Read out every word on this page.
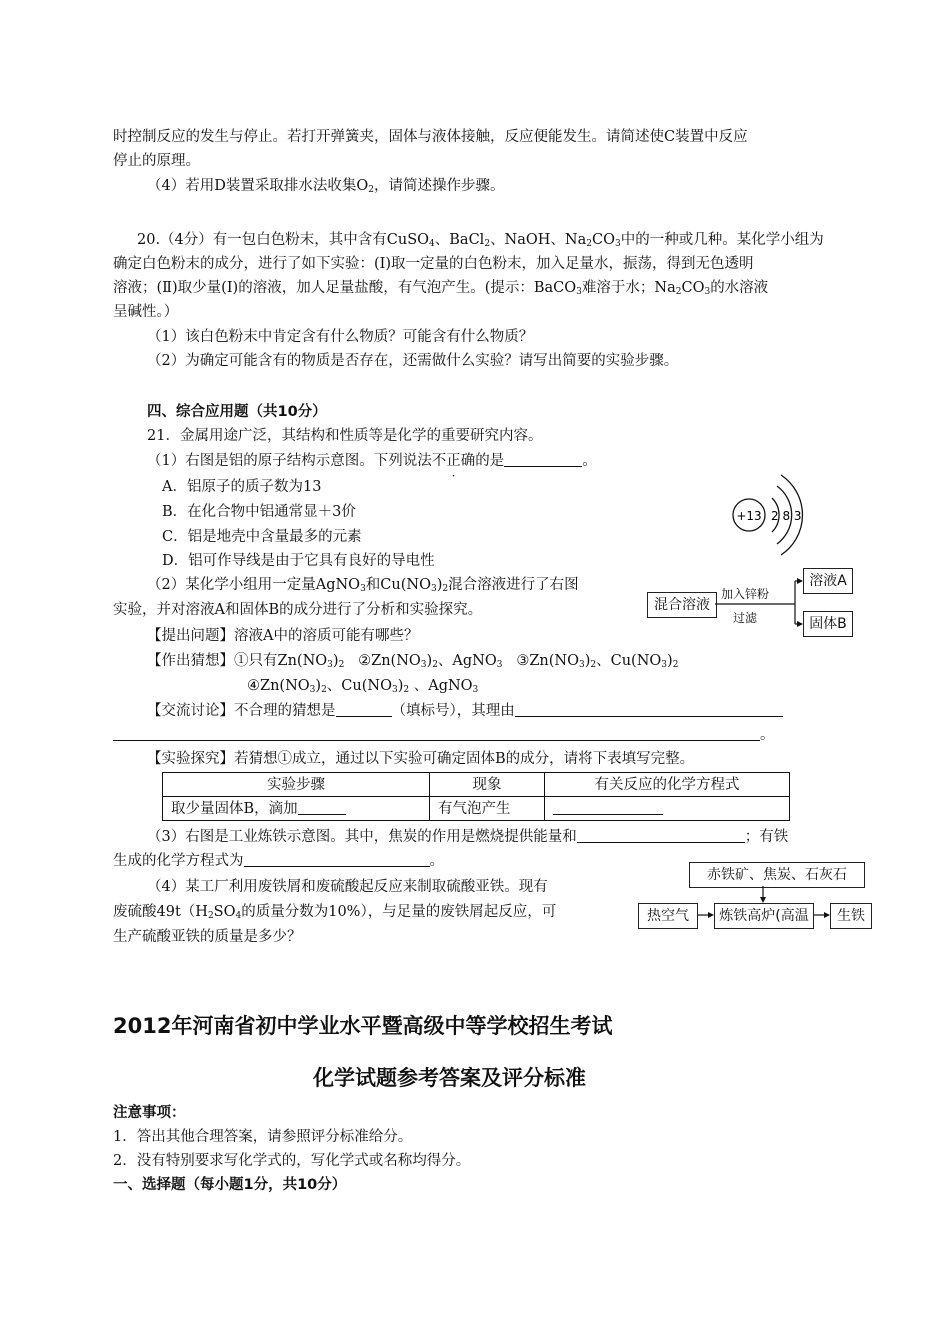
时控制反应的发生与停止。若打开弹簧夹，固体与液体接触，反应便能发生。请简述使C装置中反应
停止的原理。
（4）若用D装置采取排水法收集$O_2$，请简述操作步骤。
20.（4分）有一包白色粉末，其中含有CuSO$_4$、BaCl$_2$、NaOH、$Na_2CO_3$中的一种或几种。某化学小组为
确定白色粉末的成分，进行了如下实验：(Ⅰ)取一定量的白色粉末，加入足量水，振荡，得到无色透明
溶液；(Ⅱ)取少量(Ⅰ)的溶液，加人足量盐酸，有气泡产生。(提示：BaCO$_3$难溶于水；$Na_2CO_3$的水溶液
呈碱性。）
（1）该白色粉末中肯定含有什么物质？可能含有什么物质？
（2）为确定可能含有的物质是否存在，还需做什么实验？请写出简要的实验步骤。
四、综合应用题（共10分）
21．金属用途广泛，其结构和性质等是化学的重要研究内容。
（1）右图是铝的原子结构示意图。下列说法不正确的是	。
A．铝原子的质子数为13
B．在化合物中铝通常显＋3价
C．铝是地壳中含量最多的元素
D．铝可作导线是由于它具有良好的导电性
+13 2 8 3
（2）某化学小组用一定量AgNO$_3$和$Cu(NO_3)_2$混合溶液进行了右图
实验，并对溶液A和固体B的成分进行了分析和实验探究。	混合溶液
加入锌粉
过滤
溶液A
固体B
【提出问题】溶液A中的溶质可能有哪些？
【作出猜想】①只有$Zn(NO_3)_2$ $②Zn(NO_3)_2$、AgNO$_3$ $③Zn(NO_3)_2$、$Cu(NO_3)_2$
$④Zn(NO_3)_2$、$Cu(NO_3)_2$ 、AgNO$_3$
【交流讨论】不合理的猜想是	（填标号），其理由
。
【实验探究】若猜想①成立，通过以下实验可确定固体B的成分，请将下表填写完整。
实验步骤	现象	有关反应的化学方程式
取少量固体B，滴加	有气泡产生	
（3）右图是工业炼铁示意图。其中，焦炭的作用是燃烧提供能量和	；有铁
生成的化学方程式为	。
赤铁矿、焦炭、石灰石
热空气	炼铁高炉(高温	生铁
（4）某工厂利用废铁屑和废硫酸起反应来制取硫酸亚铁。现有
废硫酸$49t(H_2SO_4$的质量分数为10%），与足量的废铁屑起反应，可
生产硫酸亚铁的质量是多少？
2012年河南省初中学业水平暨高级中等学校招生考试
化学试题参考答案及评分标准
注意事项：
1．答出其他合理答案，请参照评分标准给分。
2．没有特别要求写化学式的，写化学式或名称均得分。
一、选择题（每小题1分，共10分）
